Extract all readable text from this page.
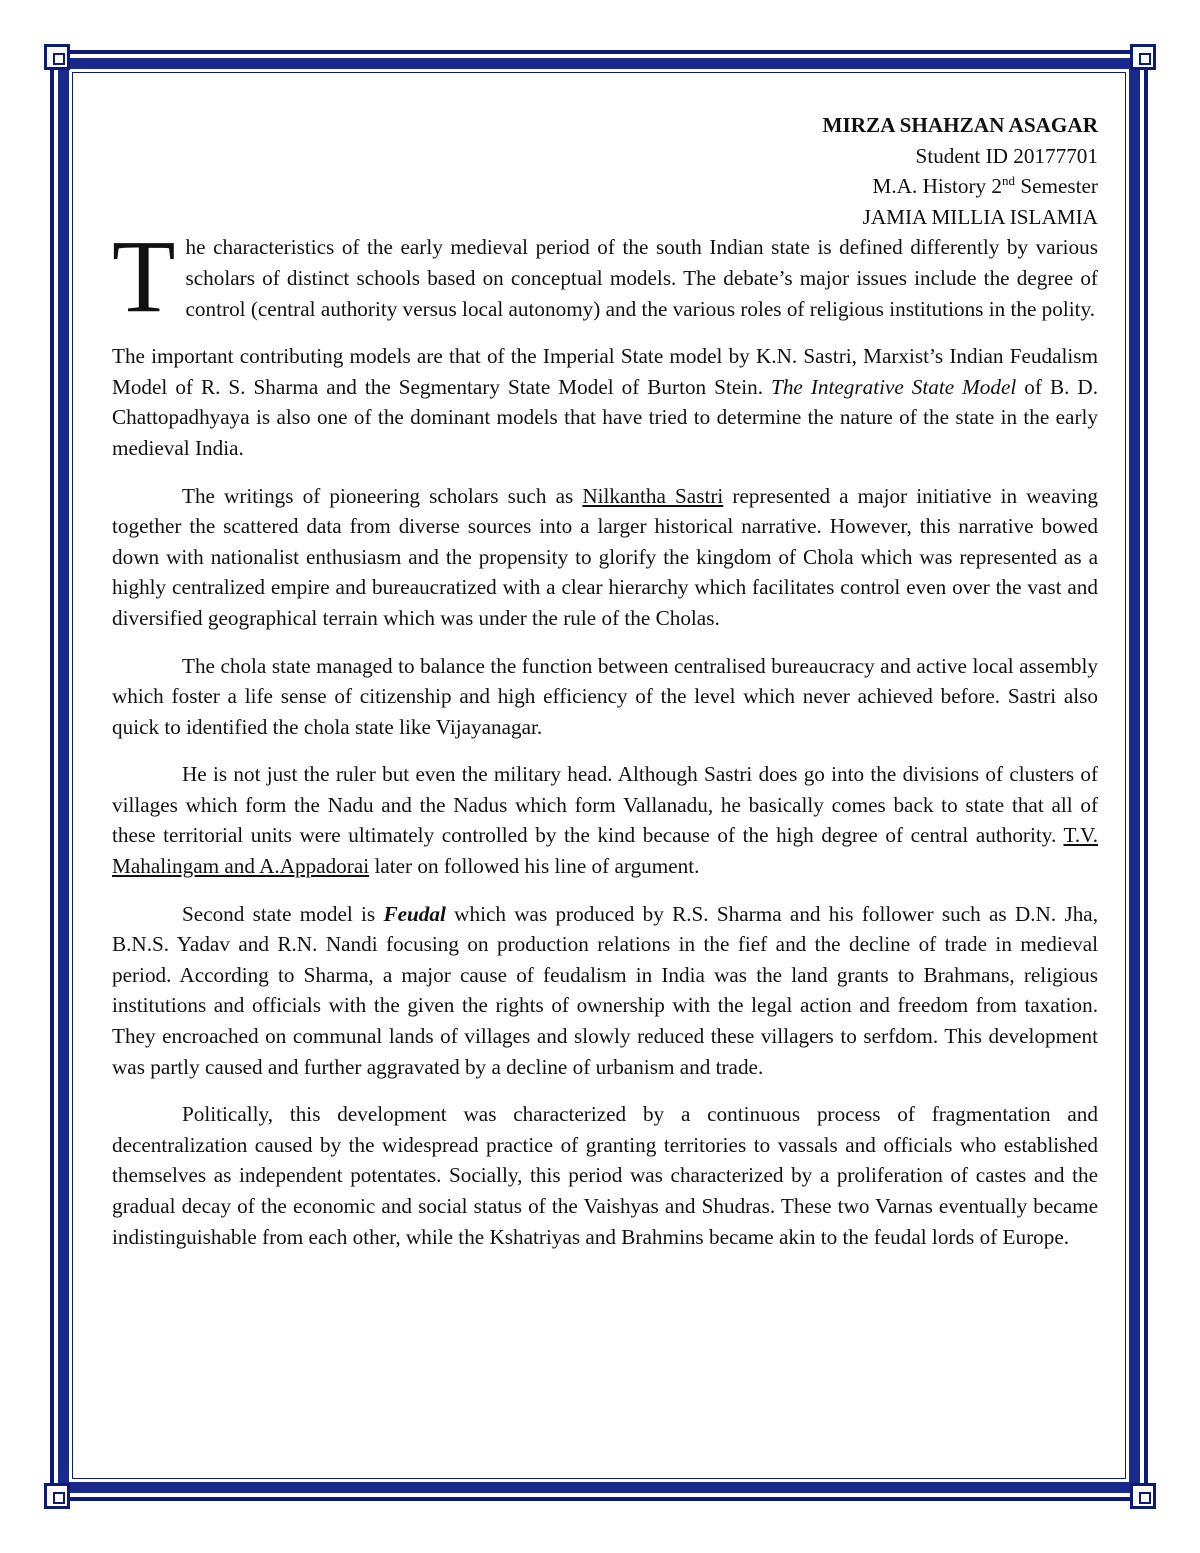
MIRZA SHAHZAN ASAGAR
Student ID 20177701
M.A. History 2nd Semester
JAMIA MILLIA ISLAMIA

The characteristics of the early medieval period of the south Indian state is defined differently by various scholars of distinct schools based on conceptual models. The debate’s major issues include the degree of control (central authority versus local autonomy) and the various roles of religious institutions in the polity.

The important contributing models are that of the Imperial State model by K.N. Sastri, Marxist’s Indian Feudalism Model of R. S. Sharma and the Segmentary State Model of Burton Stein. The Integrative State Model of B. D. Chattopadhyaya is also one of the dominant models that have tried to determine the nature of the state in the early medieval India.

The writings of pioneering scholars such as Nilkantha Sastri represented a major initiative in weaving together the scattered data from diverse sources into a larger historical narrative. However, this narrative bowed down with nationalist enthusiasm and the propensity to glorify the kingdom of Chola which was represented as a highly centralized empire and bureaucratized with a clear hierarchy which facilitates control even over the vast and diversified geographical terrain which was under the rule of the Cholas.

The chola state managed to balance the function between centralised bureaucracy and active local assembly which foster a life sense of citizenship and high efficiency of the level which never achieved before. Sastri also quick to identified the chola state like Vijayanagar.

He is not just the ruler but even the military head. Although Sastri does go into the divisions of clusters of villages which form the Nadu and the Nadus which form Vallanadu, he basically comes back to state that all of these territorial units were ultimately controlled by the kind because of the high degree of central authority. T.V. Mahalingam and A.Appadorai later on followed his line of argument.

Second state model is Feudal which was produced by R.S. Sharma and his follower such as D.N. Jha, B.N.S. Yadav and R.N. Nandi focusing on production relations in the fief and the decline of trade in medieval period. According to Sharma, a major cause of feudalism in India was the land grants to Brahmans, religious institutions and officials with the given the rights of ownership with the legal action and freedom from taxation. They encroached on communal lands of villages and slowly reduced these villagers to serfdom. This development was partly caused and further aggravated by a decline of urbanism and trade.

Politically, this development was characterized by a continuous process of fragmentation and decentralization caused by the widespread practice of granting territories to vassals and officials who established themselves as independent potentates. Socially, this period was characterized by a proliferation of castes and the gradual decay of the economic and social status of the Vaishyas and Shudras. These two Varnas eventually became indistinguishable from each other, while the Kshatriyas and Brahmins became akin to the feudal lords of Europe.
